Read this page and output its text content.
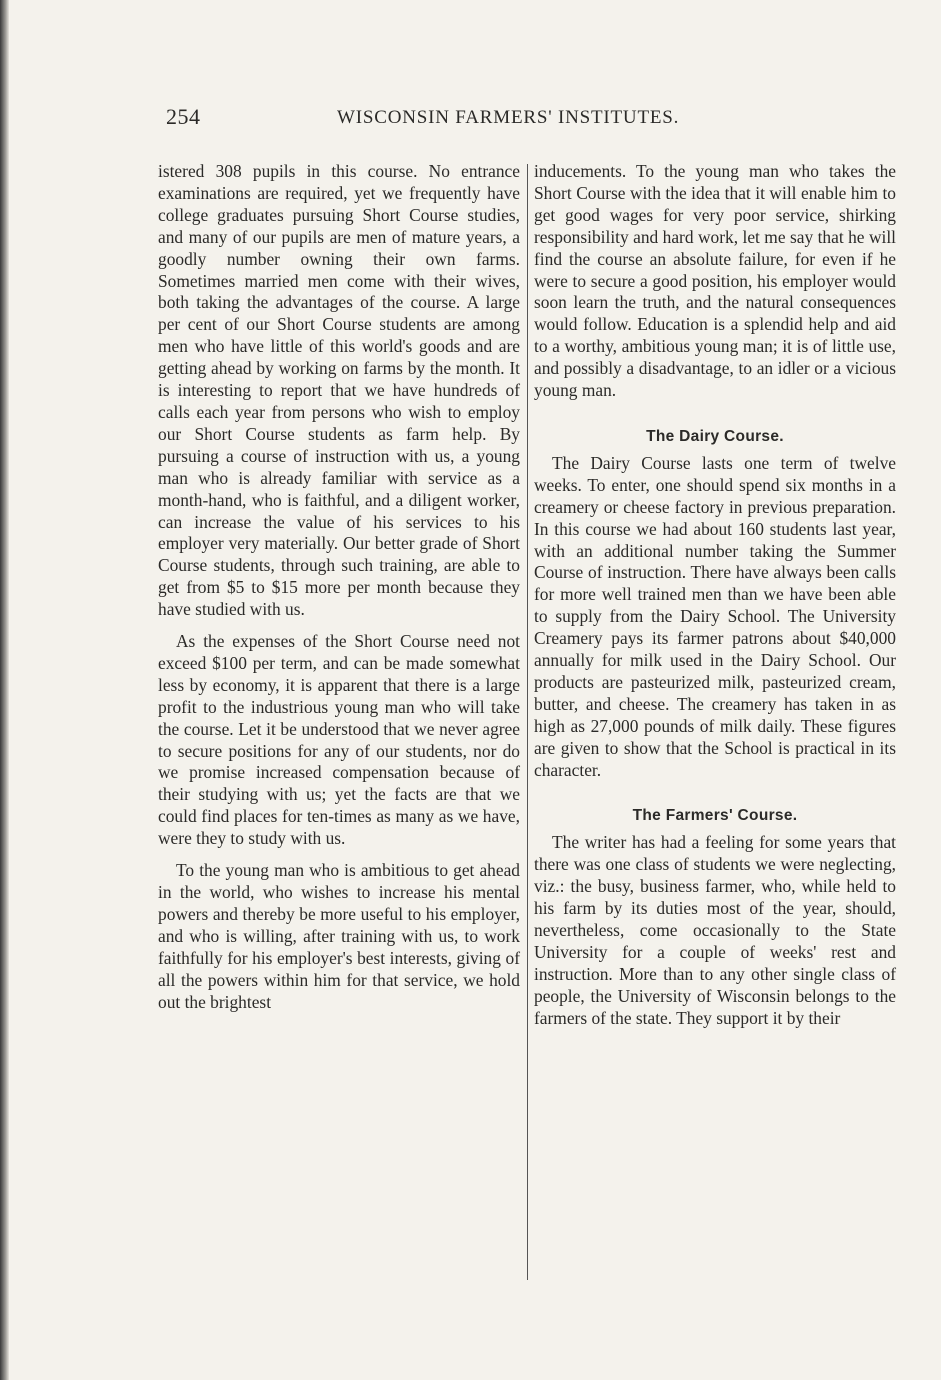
254	WISCONSIN FARMERS' INSTITUTES.

istered 308 pupils in this course. No entrance examinations are required, yet we frequently have college graduates pursuing Short Course studies, and many of our pupils are men of mature years, a goodly number owning their own farms. Sometimes married men come with their wives, both taking the advantages of the course. A large per cent of our Short Course students are among men who have little of this world's goods and are getting ahead by working on farms by the month. It is interesting to report that we have hundreds of calls each year from persons who wish to employ our Short Course students as farm help. By pursuing a course of instruction with us, a young man who is already familiar with service as a month-hand, who is faithful, and a diligent worker, can increase the value of his services to his employer very materially. Our better grade of Short Course students, through such training, are able to get from $5 to $15 more per month because they have studied with us.

As the expenses of the Short Course need not exceed $100 per term, and can be made somewhat less by economy, it is apparent that there is a large profit to the industrious young man who will take the course. Let it be understood that we never agree to secure positions for any of our students, nor do we promise increased compensation because of their studying with us; yet the facts are that we could find places for ten-times as many as we have, were they to study with us.

To the young man who is ambitious to get ahead in the world, who wishes to increase his mental powers and thereby be more useful to his employer, and who is willing, after training with us, to work faithfully for his employer's best interests, giving of all the powers within him for that service, we hold out the brightest

inducements. To the young man who takes the Short Course with the idea that it will enable him to get good wages for very poor service, shirking responsibility and hard work, let me say that he will find the course an absolute failure, for even if he were to secure a good position, his employer would soon learn the truth, and the natural consequences would follow. Education is a splendid help and aid to a worthy, ambitious young man; it is of little use, and possibly a disadvantage, to an idler or a vicious young man.

The Dairy Course.

The Dairy Course lasts one term of twelve weeks. To enter, one should spend six months in a creamery or cheese factory in previous preparation. In this course we had about 160 students last year, with an additional number taking the Summer Course of instruction. There have always been calls for more well trained men than we have been able to supply from the Dairy School. The University Creamery pays its farmer patrons about $40,000 annually for milk used in the Dairy School. Our products are pasteurized milk, pasteurized cream, butter, and cheese. The creamery has taken in as high as 27,000 pounds of milk daily. These figures are given to show that the School is practical in its character.

The Farmers' Course.

The writer has had a feeling for some years that there was one class of students we were neglecting, viz.: the busy, business farmer, who, while held to his farm by its duties most of the year, should, nevertheless, come occasionally to the State University for a couple of weeks' rest and instruction. More than to any other single class of people, the University of Wisconsin belongs to the farmers of the state. They support it by their
